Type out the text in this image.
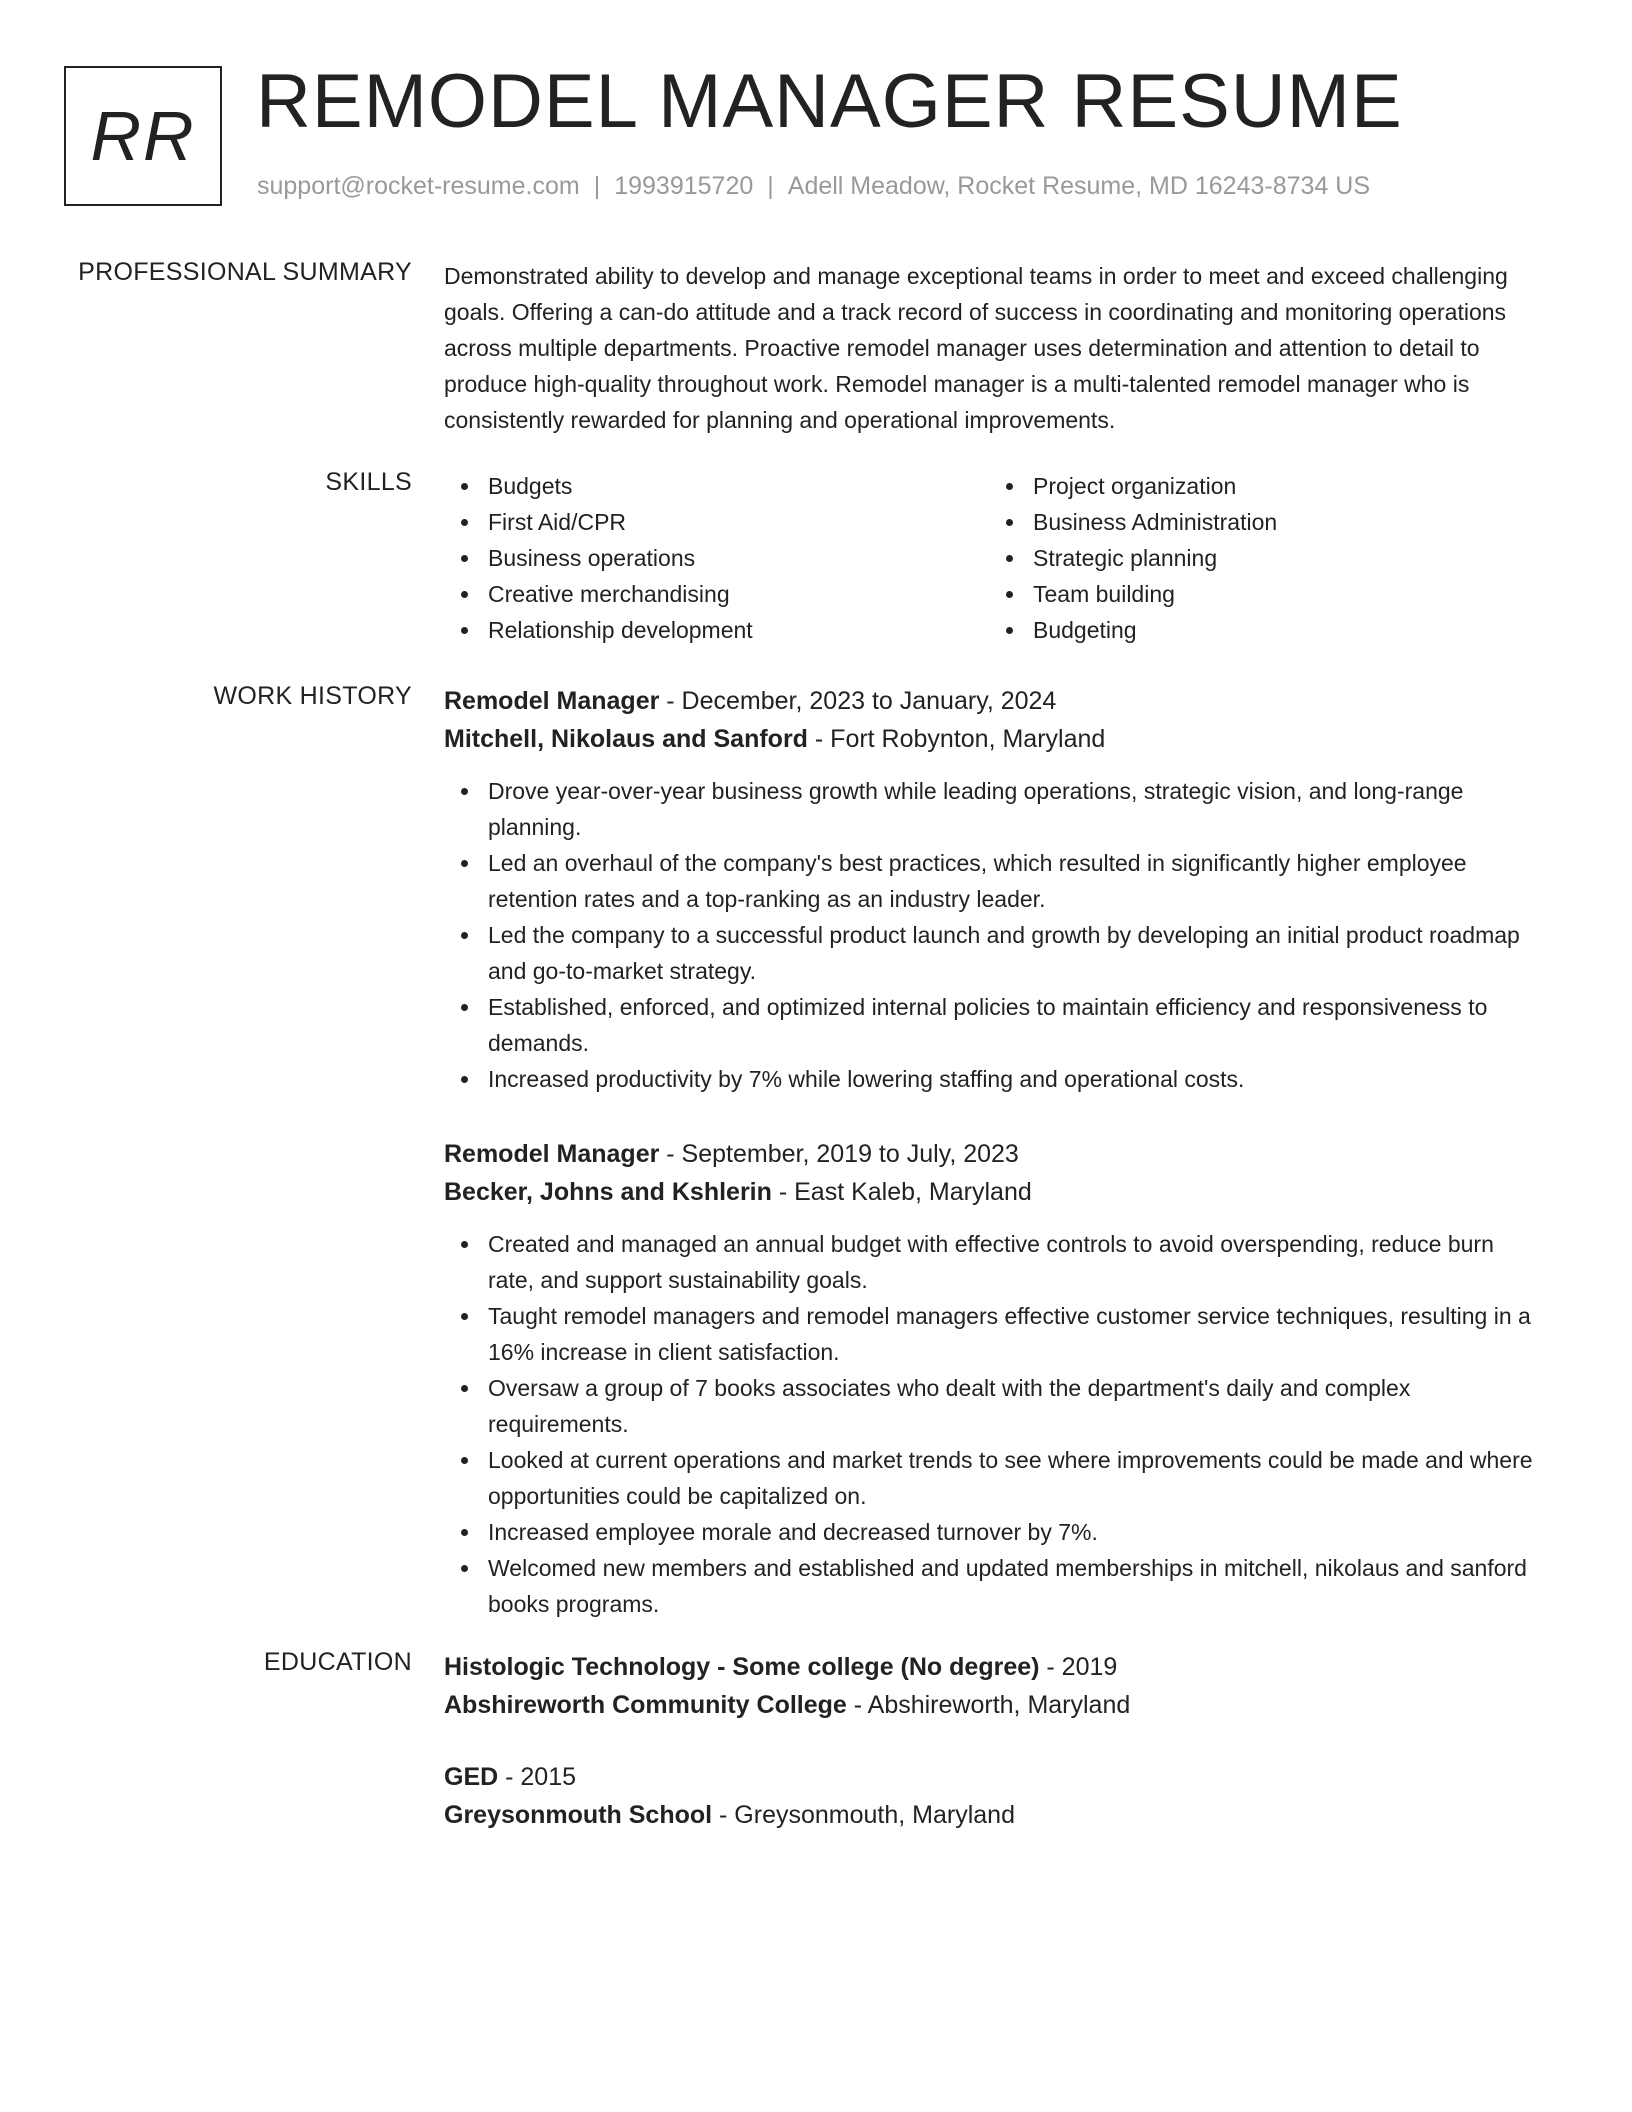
RR REMODEL MANAGER RESUME
support@rocket-resume.com | 1993915720 | Adell Meadow, Rocket Resume, MD 16243-8734 US
PROFESSIONAL SUMMARY Demonstrated ability to develop and manage exceptional teams in order to meet and exceed challenging goals. Offering a can-do attitude and a track record of success in coordinating and monitoring operations across multiple departments. Proactive remodel manager uses determination and attention to detail to produce high-quality throughout work. Remodel manager is a multi-talented remodel manager who is consistently rewarded for planning and operational improvements.
SKILLS	Budgets
First Aid/CPR
Business operations
Creative merchandising
Relationship development
Project organization
Business Administration
Strategic planning
Team building
Budgeting
WORK HISTORY Remodel Manager - December, 2023 to January, 2024
Mitchell, Nikolaus and Sanford - Fort Robynton, Maryland
Drove year-over-year business growth while leading operations, strategic vision, and long-range planning.
Led an overhaul of the company's best practices, which resulted in significantly higher employee retention rates and a top-ranking as an industry leader.
Led the company to a successful product launch and growth by developing an initial product roadmap and go-to-market strategy.
Established, enforced, and optimized internal policies to maintain efficiency and responsiveness to demands.
Increased productivity by 7% while lowering staffing and operational costs.
Remodel Manager - September, 2019 to July, 2023
Becker, Johns and Kshlerin - East Kaleb, Maryland
Created and managed an annual budget with effective controls to avoid overspending, reduce burn rate, and support sustainability goals.
Taught remodel managers and remodel managers effective customer service techniques, resulting in a 16% increase in client satisfaction.
Oversaw a group of 7 books associates who dealt with the department's daily and complex requirements.
Looked at current operations and market trends to see where improvements could be made and where opportunities could be capitalized on.
Increased employee morale and decreased turnover by 7%.
Welcomed new members and established and updated memberships in mitchell, nikolaus and sanford books programs.
EDUCATION Histologic Technology - Some college (No degree) - 2019
Abshireworth Community College - Abshireworth, Maryland
GED - 2015
Greysonmouth School - Greysonmouth, Maryland
